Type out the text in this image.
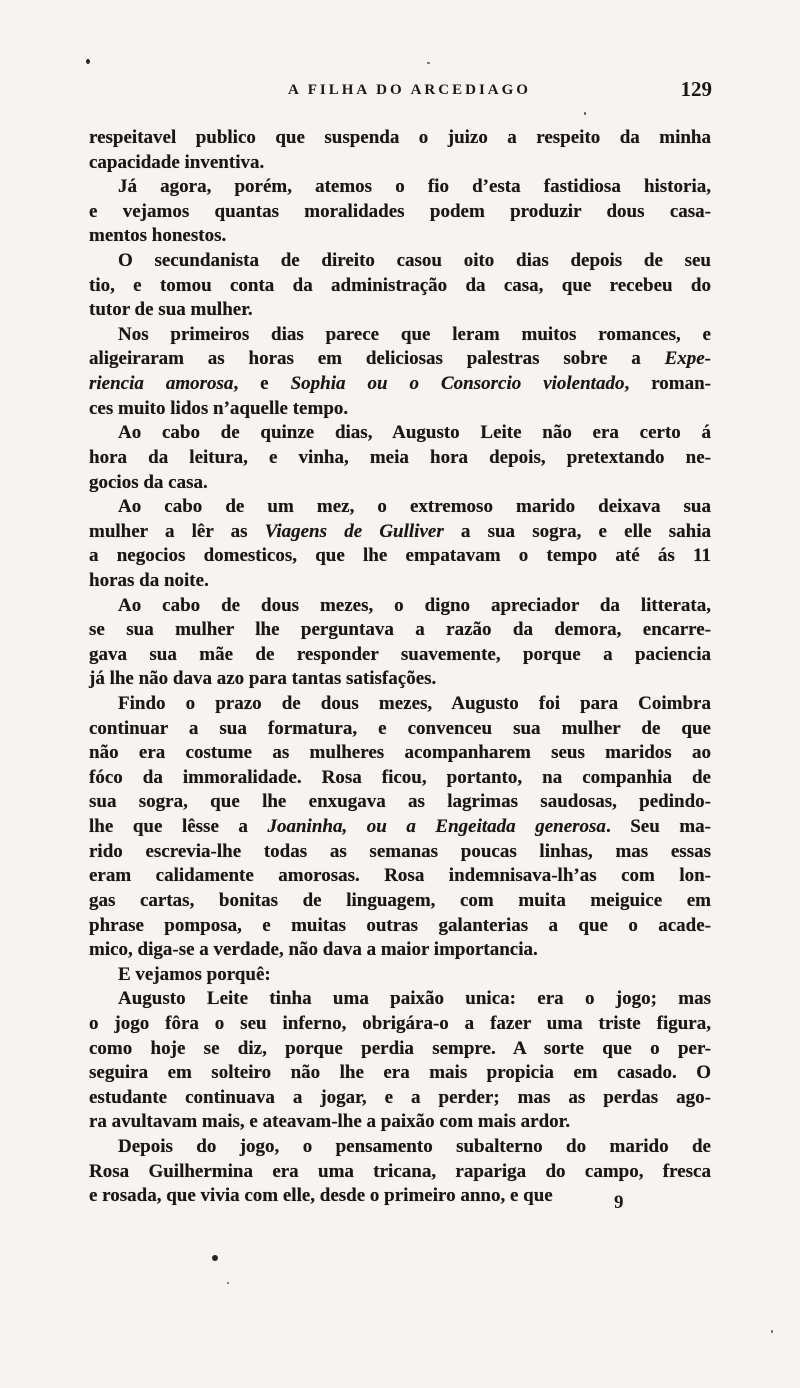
A FILHA DO ARCEDIAGO	129
respeitavel publico que suspenda o juizo a respeito da minha
capacidade inventiva.
Já agora, porém, atemos o fio d’esta fastidiosa historia,
e vejamos quantas moralidades podem produzir dous casa-
mentos honestos.
O secundanista de direito casou oito dias depois de seu
tio, e tomou conta da administração da casa, que recebeu do
tutor de sua mulher.
Nos primeiros dias parece que leram muitos romances, e
aligeiraram as horas em deliciosas palestras sobre a Expe-
riencia amorosa, e Sophia ou o Consorcio violentado, roman-
ces muito lidos n’aquelle tempo.
Ao cabo de quinze dias, Augusto Leite não era certo á
hora da leitura, e vinha, meia hora depois, pretextando ne-
gocios da casa.
Ao cabo de um mez, o extremoso marido deixava sua
mulher a lêr as Viagens de Gulliver a sua sogra, e elle sahia
a negocios domesticos, que lhe empatavam o tempo até ás 11
horas da noite.
Ao cabo de dous mezes, o digno apreciador da litterata,
se sua mulher lhe perguntava a razão da demora, encarre-
gava sua mãe de responder suavemente, porque a paciencia
já lhe não dava azo para tantas satisfações.
Findo o prazo de dous mezes, Augusto foi para Coimbra
continuar a sua formatura, e convenceu sua mulher de que
não era costume as mulheres acompanharem seus maridos ao
fóco da immoralidade. Rosa ficou, portanto, na companhia de
sua sogra, que lhe enxugava as lagrimas saudosas, pedindo-
lhe que lêsse a Joaninha, ou a Engeitada generosa. Seu ma-
rido escrevia-lhe todas as semanas poucas linhas, mas essas
eram calidamente amorosas. Rosa indemnisava-lh’as com lon-
gas cartas, bonitas de linguagem, com muita meiguice em
phrase pomposa, e muitas outras galanterias a que o acade-
mico, diga-se a verdade, não dava a maior importancia.
E vejamos porquê:
Augusto Leite tinha uma paixão unica: era o jogo; mas
o jogo fôra o seu inferno, obrigára-o a fazer uma triste figura,
como hoje se diz, porque perdia sempre. A sorte que o per-
seguira em solteiro não lhe era mais propicia em casado. O
estudante continuava a jogar, e a perder; mas as perdas ago-
ra avultavam mais, e ateavam-lhe a paixão com mais ardor.
Depois do jogo, o pensamento subalterno do marido de
Rosa Guilhermina era uma tricana, rapariga do campo, fresca
e rosada, que vivia com elle, desde o primeiro anno, e que	9
